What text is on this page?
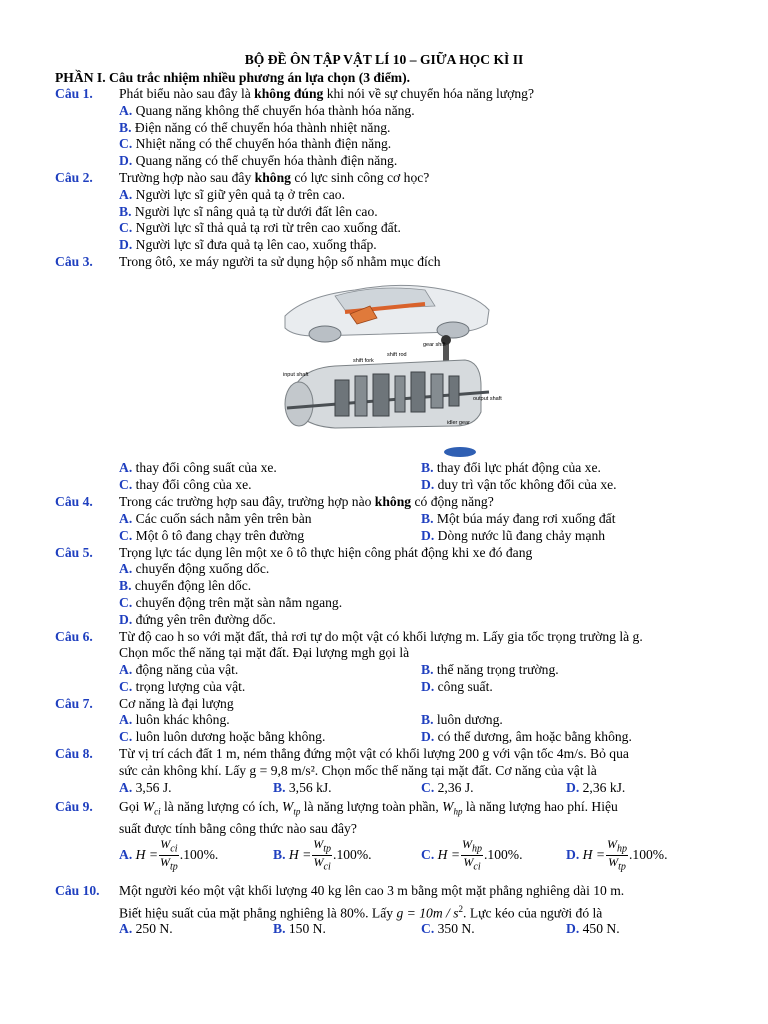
BỘ ĐỀ ÔN TẬP VẬT LÍ 10 – GIỮA HỌC KÌ II
PHẦN I. Câu trắc nhiệm nhiều phương án lựa chọn (3 điểm).
Câu 1. Phát biểu nào sau đây là không đúng khi nói về sự chuyển hóa năng lượng?
A. Quang năng không thể chuyển hóa thành hóa năng.
B. Điện năng có thể chuyển hóa thành nhiệt năng.
C. Nhiệt năng có thể chuyển hóa thành điện năng.
D. Quang năng có thể chuyển hóa thành điện năng.
Câu 2. Trường hợp nào sau đây không có lực sinh công cơ học?
A. Người lực sĩ giữ yên quả tạ ở trên cao.
B. Người lực sĩ nâng quả tạ từ dưới đất lên cao.
C. Người lực sĩ thả quả tạ rơi từ trên cao xuống đất.
D. Người lực sĩ đưa quả tạ lên cao, xuống thấp.
Câu 3. Trong ôtô, xe máy người ta sử dụng hộp số nhằm mục đích
gear shift
shift rod
shift fork
input shaft
output shaft
idler gear
A. thay đổi công suất của xe.	B. thay đổi lực phát động của xe.
C. thay đổi công của xe.	D. duy trì vận tốc không đổi của xe.
Câu 4. Trong các trường hợp sau đây, trường hợp nào không có động năng?
A. Các cuốn sách nằm yên trên bàn	B. Một búa máy đang rơi xuống đất
C. Một ô tô đang chạy trên đường	D. Dòng nước lũ đang chảy mạnh
Câu 5. Trọng lực tác dụng lên một xe ô tô thực hiện công phát động khi xe đó đang
A. chuyển động xuống dốc.
B. chuyển động lên dốc.
C. chuyển động trên mặt sàn nằm ngang.
D. đứng yên trên đường dốc.
Câu 6. Từ độ cao h so với mặt đất, thả rơi tự do một vật có khối lượng m. Lấy gia tốc trọng trường là g.
Chọn mốc thế năng tại mặt đất. Đại lượng mgh gọi là
A. động năng của vật.	B. thế năng trọng trường.
C. trọng lượng của vật.	D. công suất.
Câu 7. Cơ năng là đại lượng
A. luôn khác không.	B. luôn dương.
C. luôn luôn dương hoặc bằng không.	D. có thể dương, âm hoặc bằng không.
Câu 8. Từ vị trí cách đất 1 m, ném thẳng đứng một vật có khối lượng 200 g với vận tốc 4m/s. Bỏ qua
sức cản không khí. Lấy g = 9,8 m/s². Chọn mốc thế năng tại mặt đất. Cơ năng của vật là
A. 3,56 J.	B. 3,56 kJ.	C. 2,36 J.	D. 2,36 kJ.
Câu 9. Gọi $W_{ci}$ là năng lượng có ích, $W_{tp}$ là năng lượng toàn phần, $W_{hp}$ là năng lượng hao phí. Hiệu
suất được tính bằng công thức nào sau đây?
A. $H = \frac{W_{ci}}{W_{tp}} .100\%$.	B. $H = \frac{W_{tp}}{W_{ci}} .100\%$.	C. $H = \frac{W_{hp}}{W_{ci}} .100\%$.	D. $H = \frac{W_{hp}}{W_{tp}} .100\%$.
Câu 10. Một người kéo một vật khối lượng 40 kg lên cao 3 m bằng một mặt phẳng nghiêng dài 10 m.
Biết hiệu suất của mặt phẳng nghiêng là 80%. Lấy $g = 10m / s^2$. Lực kéo của người đó là
A. 250 N.	B. 150 N.	C. 350 N.	D. 450 N.
